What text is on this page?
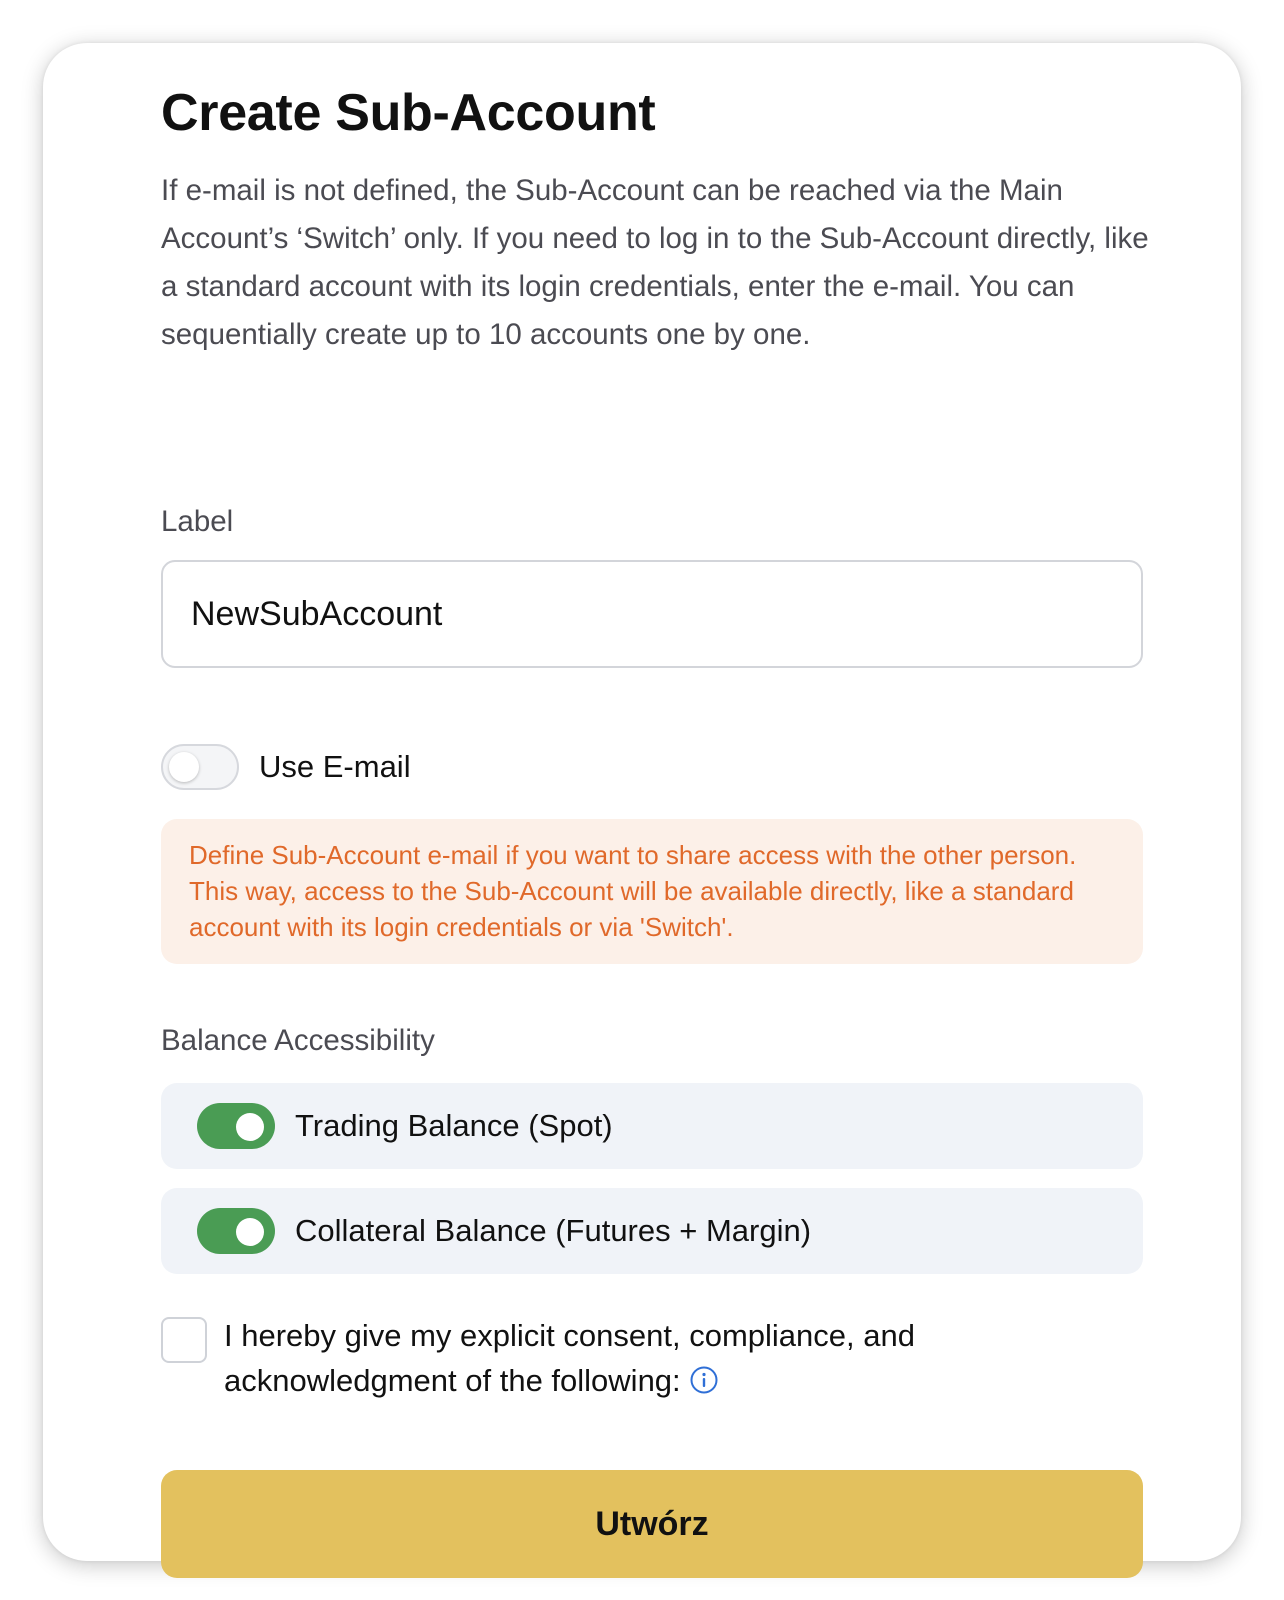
Create Sub-Account

If e-mail is not defined, the Sub-Account can be reached via the Main Account’s ‘Switch’ only. If you need to log in to the Sub-Account directly, like a standard account with its login credentials, enter the e-mail. You can sequentially create up to 10 accounts one by one.

Label
NewSubAccount
Use E-mail
Define Sub-Account e-mail if you want to share access with the other person. This way, access to the Sub-Account will be available directly, like a standard account with its login credentials or via 'Switch'.
Balance Accessibility
Trading Balance (Spot)
Collateral Balance (Futures + Margin)
I hereby give my explicit consent, compliance, and acknowledgment of the following:
Utwórz
